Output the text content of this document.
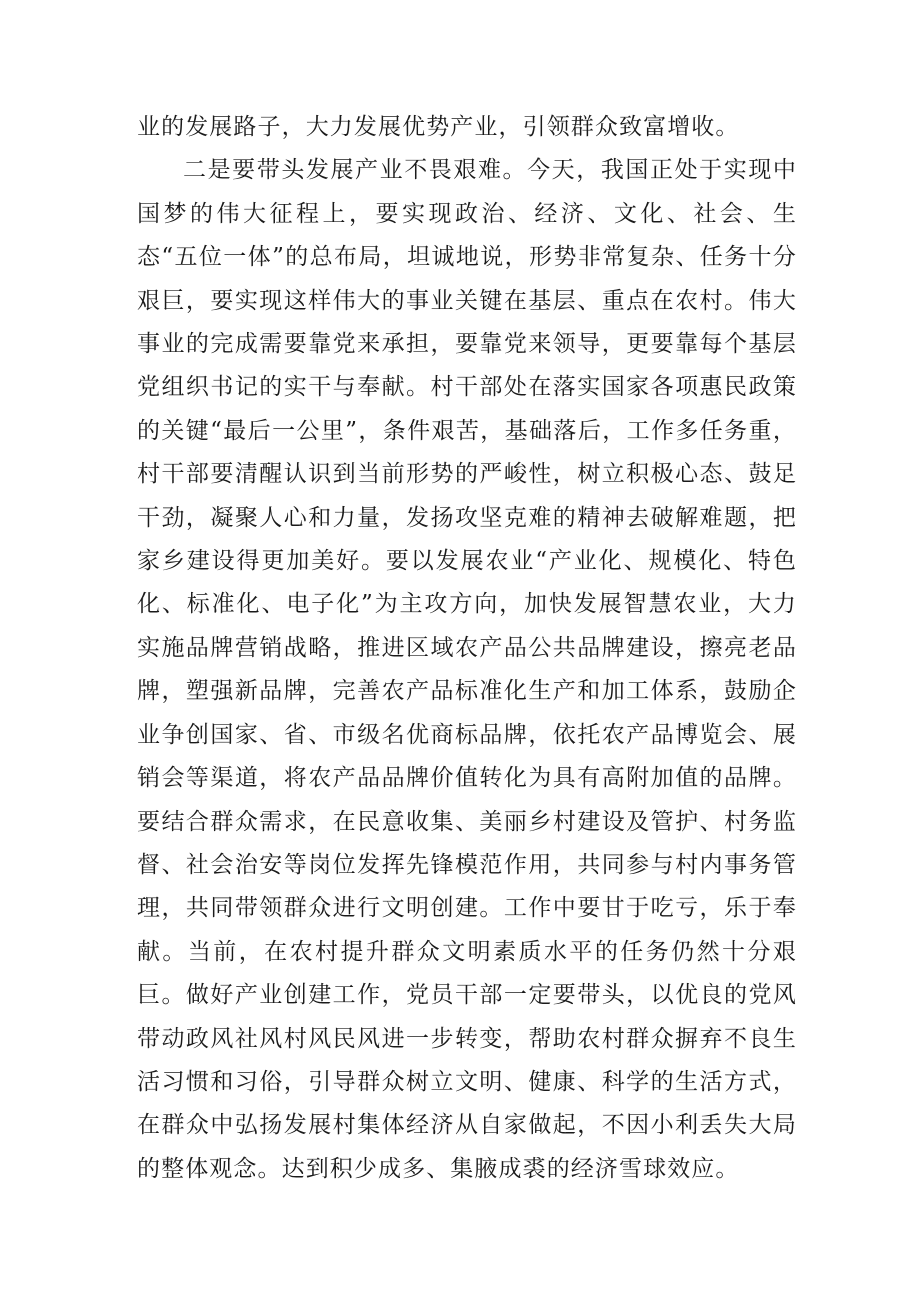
业的发展路子，大力发展优势产业，引领群众致富增收。

二是要带头发展产业不畏艰难。今天，我国正处于实现中国梦的伟大征程上，要实现政治、经济、文化、社会、生态“五位一体”的总布局，坦诚地说，形势非常复杂、任务十分艰巨，要实现这样伟大的事业关键在基层、重点在农村。伟大事业的完成需要靠党来承担，要靠党来领导，更要靠每个基层党组织书记的实干与奉献。村干部处在落实国家各项惠民政策的关键“最后一公里”，条件艰苦，基础落后，工作多任务重，村干部要清醒认识到当前形势的严峻性，树立积极心态、鼓足干劲，凝聚人心和力量，发扬攻坚克难的精神去破解难题，把家乡建设得更加美好。要以发展农业“产业化、规模化、特色化、标准化、电子化”为主攻方向，加快发展智慧农业，大力实施品牌营销战略，推进区域农产品公共品牌建设，擦亮老品牌，塑强新品牌，完善农产品标准化生产和加工体系，鼓励企业争创国家、省、市级名优商标品牌，依托农产品博览会、展销会等渠道，将农产品品牌价值转化为具有高附加值的品牌。要结合群众需求，在民意收集、美丽乡村建设及管护、村务监督、社会治安等岗位发挥先锋模范作用，共同参与村内事务管理，共同带领群众进行文明创建。工作中要甘于吃亏，乐于奉献。当前，在农村提升群众文明素质水平的任务仍然十分艰巨。做好产业创建工作，党员干部一定要带头，以优良的党风带动政风社风村风民风进一步转变，帮助农村群众摒弃不良生活习惯和习俗，引导群众树立文明、健康、科学的生活方式，在群众中弘扬发展村集体经济从自家做起，不因小利丢失大局的整体观念。达到积少成多、集腋成裘的经济雪球效应。
